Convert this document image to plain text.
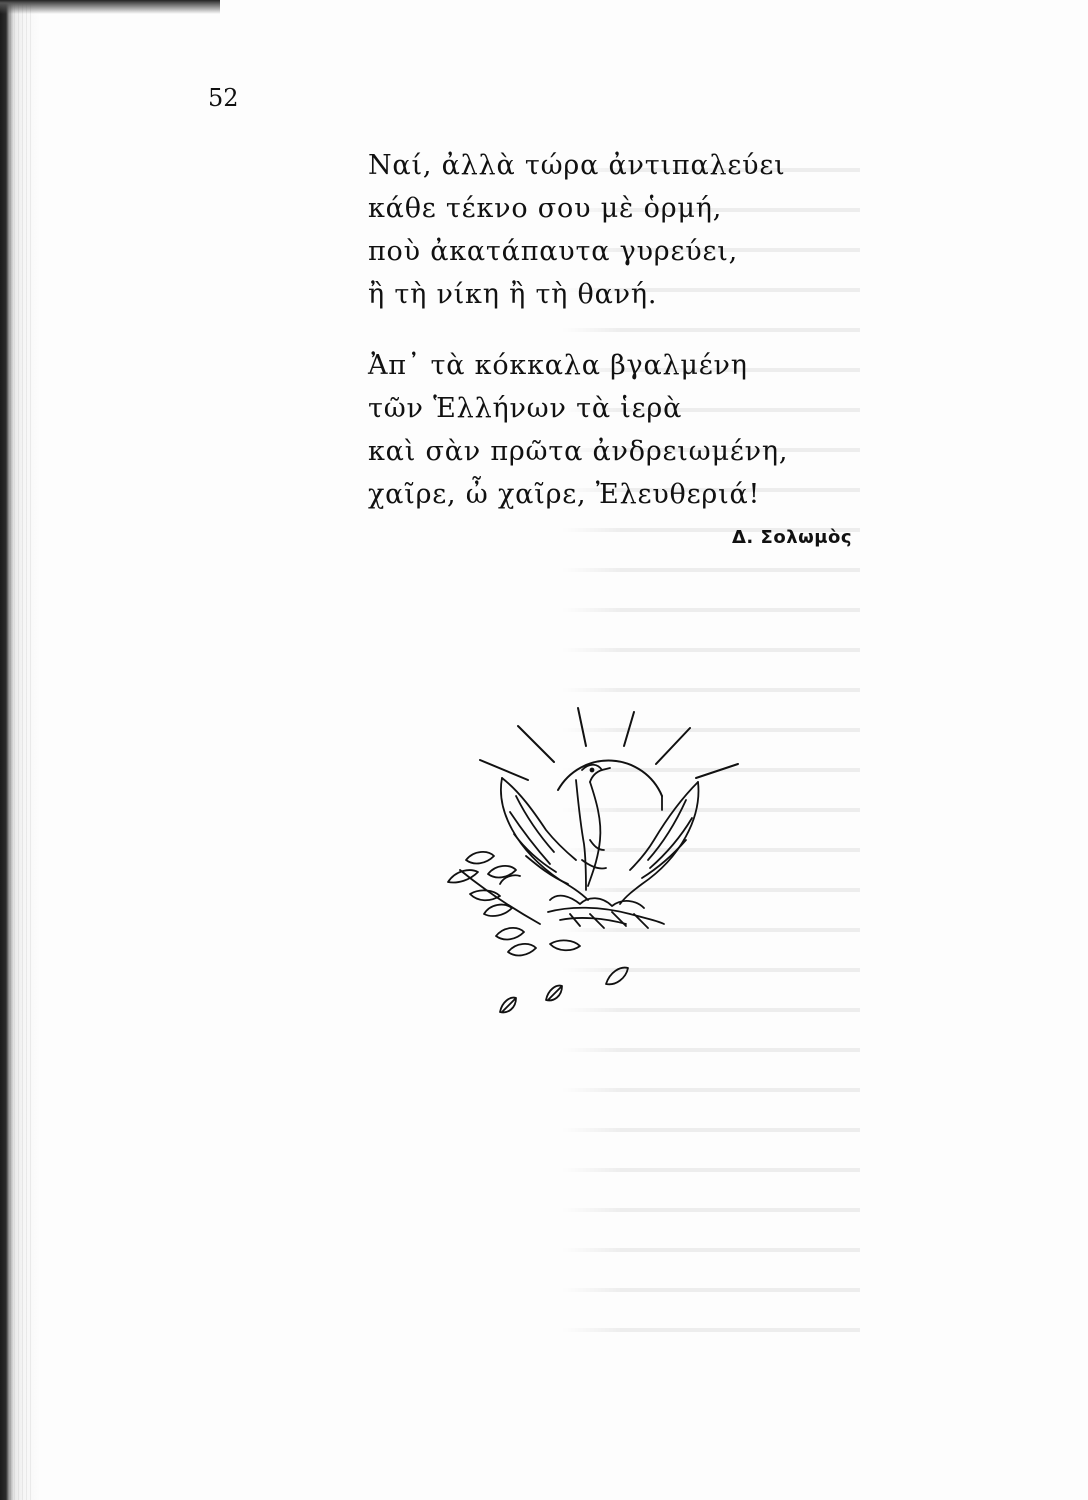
52
Ναί, ἀλλὰ τώρα ἀντιπαλεύει
κάθε τέκνο σου μὲ ὁρμή,
ποὺ ἀκατάπαυτα γυρεύει,
ἢ τὴ νίκη ἢ τὴ θανή.
Ἀπ᾿ τὰ κόκκαλα βγαλμένη
τῶν Ἑλλήνων τὰ ἱερὰ
καὶ σὰν πρῶτα ἀνδρειωμένη,
χαῖρε, ὦ χαῖρε, Ἐλευθεριά!
Δ. Σολωμὸς
